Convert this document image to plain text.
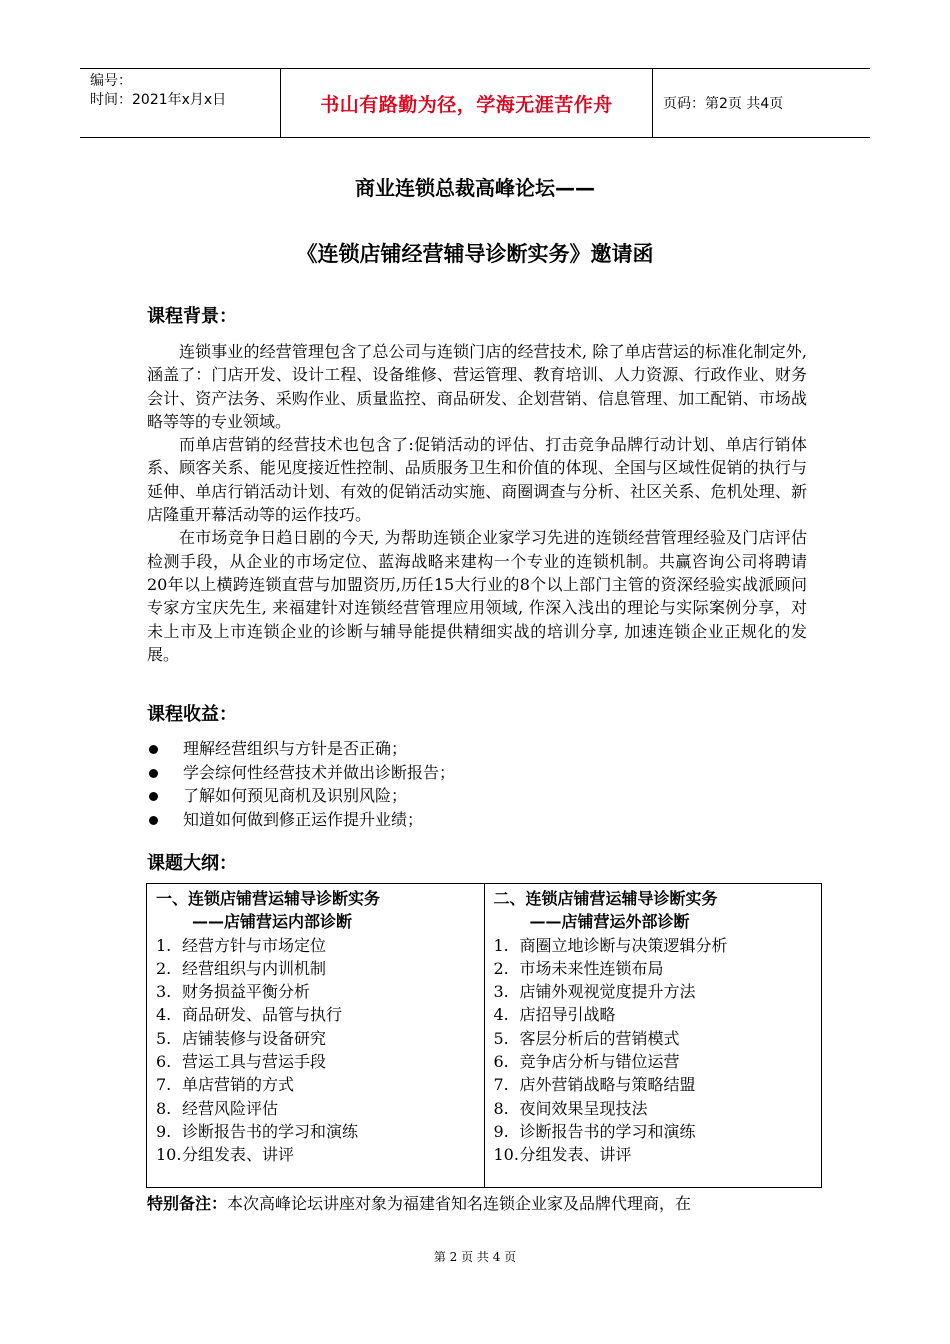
编号：
时间：2021年x月x日	书山有路勤为径，学海无涯苦作舟	页码：第2页 共4页
商业连锁总裁高峰论坛——
《连锁店铺经营辅导诊断实务》邀请函
课程背景：

连锁事业的经营管理包含了总公司与连锁门店的经营技术, 除了单店营运的标准化制定外, 涵盖了：门店开发、设计工程、设备维修、营运管理、教育培训、人力资源、行政作业、财务会计、资产法务、采购作业、质量监控、商品研发、企划营销、信息管理、加工配销、市场战略等等的专业领域。

而单店营销的经营技术也包含了:促销活动的评估、打击竞争品牌行动计划、单店行销体系、顾客关系、能见度接近性控制、品质服务卫生和价值的体现、全国与区域性促销的执行与延伸、单店行销活动计划、有效的促销活动实施、商圈调查与分析、社区关系、危机处理、新店隆重开幕活动等的运作技巧。

在市场竞争日趋日剧的今天, 为帮助连锁企业家学习先进的连锁经营管理经验及门店评估检测手段，从企业的市场定位、蓝海战略来建构一个专业的连锁机制。共赢咨询公司将聘请20年以上横跨连锁直营与加盟资历,历任15大行业的8个以上部门主管的资深经验实战派顾问专家方宝庆先生, 来福建针对连锁经营管理应用领域, 作深入浅出的理论与实际案例分享，对未上市及上市连锁企业的诊断与辅导能提供精细实战的培训分享, 加速连锁企业正规化的发展。

课程收益：
理解经营组织与方针是否正确；
学会综何性经营技术并做出诊断报告；
了解如何预见商机及识别风险；
知道如何做到修正运作提升业绩；
课题大纲：
一、连锁店铺营运辅导诊断实务
——店铺营运内部诊断
1. 经营方针与市场定位
2. 经营组织与内训机制
3. 财务损益平衡分析
4. 商品研发、品管与执行
5. 店铺装修与设备研究
6. 营运工具与营运手段
7. 单店营销的方式
8. 经营风险评估
9. 诊断报告书的学习和演练
10. 分组发表、讲评
二、连锁店铺营运辅导诊断实务
——店铺营运外部诊断
1. 商圈立地诊断与决策逻辑分析
2. 市场未来性连锁布局
3. 店铺外观视觉度提升方法
4. 店招导引战略
5. 客层分析后的营销模式
6. 竞争店分析与错位运营
7. 店外营销战略与策略结盟
8. 夜间效果呈现技法
9. 诊断报告书的学习和演练
10. 分组发表、讲评
特别备注：本次高峰论坛讲座对象为福建省知名连锁企业家及品牌代理商，在
第 2 页 共 4 页
